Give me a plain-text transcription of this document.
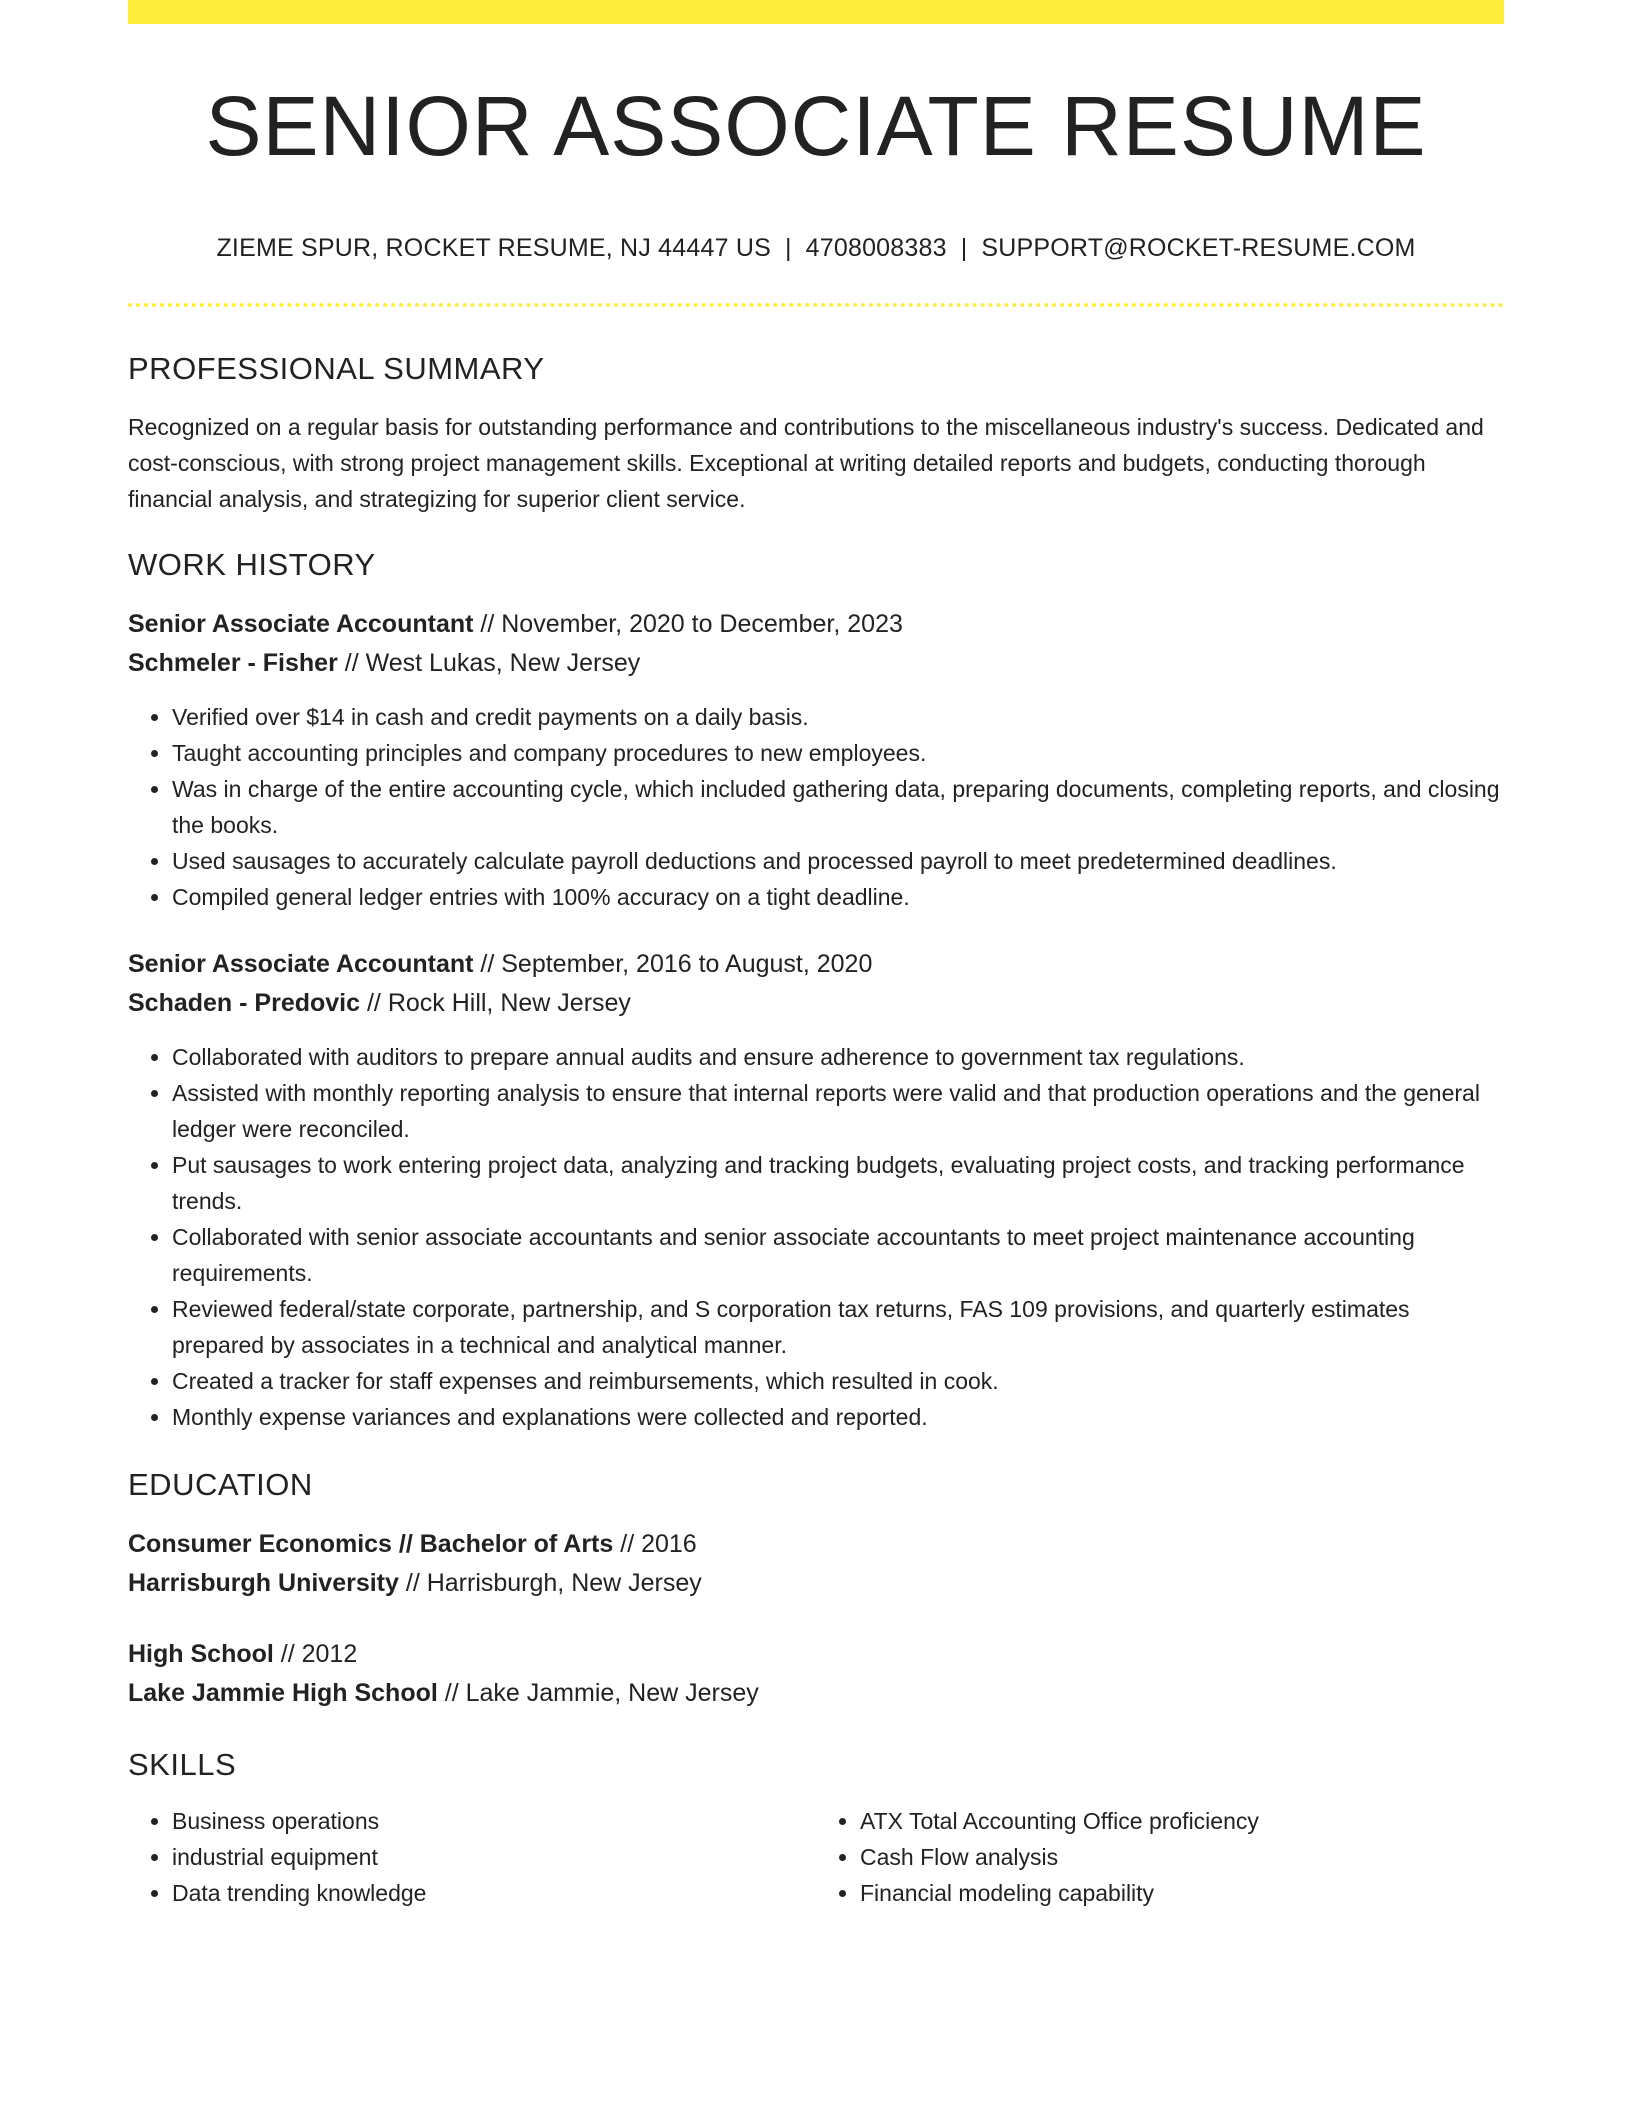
SENIOR ASSOCIATE RESUME
ZIEME SPUR, ROCKET RESUME, NJ 44447 US | 4708008383 | SUPPORT@ROCKET-RESUME.COM
PROFESSIONAL SUMMARY
Recognized on a regular basis for outstanding performance and contributions to the miscellaneous industry's success. Dedicated and cost-conscious, with strong project management skills. Exceptional at writing detailed reports and budgets, conducting thorough financial analysis, and strategizing for superior client service.
WORK HISTORY
Senior Associate Accountant // November, 2020 to December, 2023
Schmeler - Fisher // West Lukas, New Jersey
• Verified over $14 in cash and credit payments on a daily basis.
• Taught accounting principles and company procedures to new employees.
• Was in charge of the entire accounting cycle, which included gathering data, preparing documents, completing reports, and closing the books.
• Used sausages to accurately calculate payroll deductions and processed payroll to meet predetermined deadlines.
• Compiled general ledger entries with 100% accuracy on a tight deadline.
Senior Associate Accountant // September, 2016 to August, 2020
Schaden - Predovic // Rock Hill, New Jersey
• Collaborated with auditors to prepare annual audits and ensure adherence to government tax regulations.
• Assisted with monthly reporting analysis to ensure that internal reports were valid and that production operations and the general ledger were reconciled.
• Put sausages to work entering project data, analyzing and tracking budgets, evaluating project costs, and tracking performance trends.
• Collaborated with senior associate accountants and senior associate accountants to meet project maintenance accounting requirements.
• Reviewed federal/state corporate, partnership, and S corporation tax returns, FAS 109 provisions, and quarterly estimates prepared by associates in a technical and analytical manner.
• Created a tracker for staff expenses and reimbursements, which resulted in cook.
• Monthly expense variances and explanations were collected and reported.
EDUCATION
Consumer Economics // Bachelor of Arts // 2016
Harrisburgh University // Harrisburgh, New Jersey
High School // 2012
Lake Jammie High School // Lake Jammie, New Jersey
SKILLS
• Business operations
• industrial equipment
• Data trending knowledge
• ATX Total Accounting Office proficiency
• Cash Flow analysis
• Financial modeling capability
